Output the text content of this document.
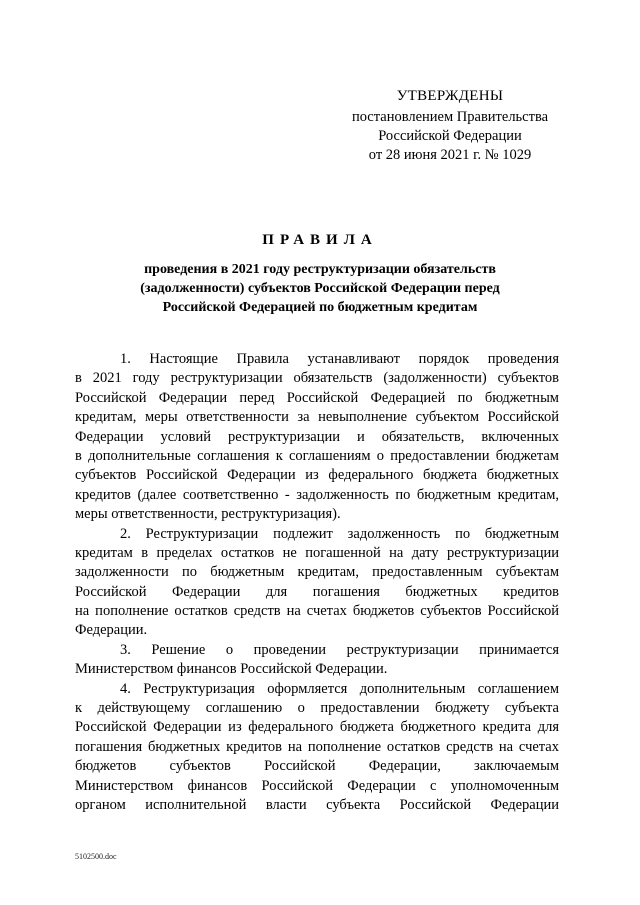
УТВЕРЖДЕНЫ
постановлением Правительства
Российской Федерации
от 28 июня 2021 г. № 1029
ПРАВИЛА
проведения в 2021 году реструктуризации обязательств
(задолженности) субъектов Российской Федерации перед
Российской Федерацией по бюджетным кредитам
1. Настоящие Правила устанавливают порядок проведения
в 2021 году реструктуризации обязательств (задолженности) субъектов
Российской Федерации перед Российской Федерацией по бюджетным
кредитам, меры ответственности за невыполнение субъектом Российской
Федерации условий реструктуризации и обязательств, включенных
в дополнительные соглашения к соглашениям о предоставлении бюджетам
субъектов Российской Федерации из федерального бюджета бюджетных
кредитов (далее соответственно - задолженность по бюджетным кредитам,
меры ответственности, реструктуризация).
2. Реструктуризации подлежит задолженность по бюджетным
кредитам в пределах остатков не погашенной на дату реструктуризации
задолженности по бюджетным кредитам, предоставленным субъектам
Российской Федерации для погашения бюджетных кредитов
на пополнение остатков средств на счетах бюджетов субъектов Российской
Федерации.
3. Решение о проведении реструктуризации принимается
Министерством финансов Российской Федерации.
4. Реструктуризация оформляется дополнительным соглашением
к действующему соглашению о предоставлении бюджету субъекта
Российской Федерации из федерального бюджета бюджетного кредита для
погашения бюджетных кредитов на пополнение остатков средств на счетах
бюджетов субъектов Российской Федерации, заключаемым
Министерством финансов Российской Федерации с уполномоченным
органом исполнительной власти субъекта Российской Федерации
5102500.doc
